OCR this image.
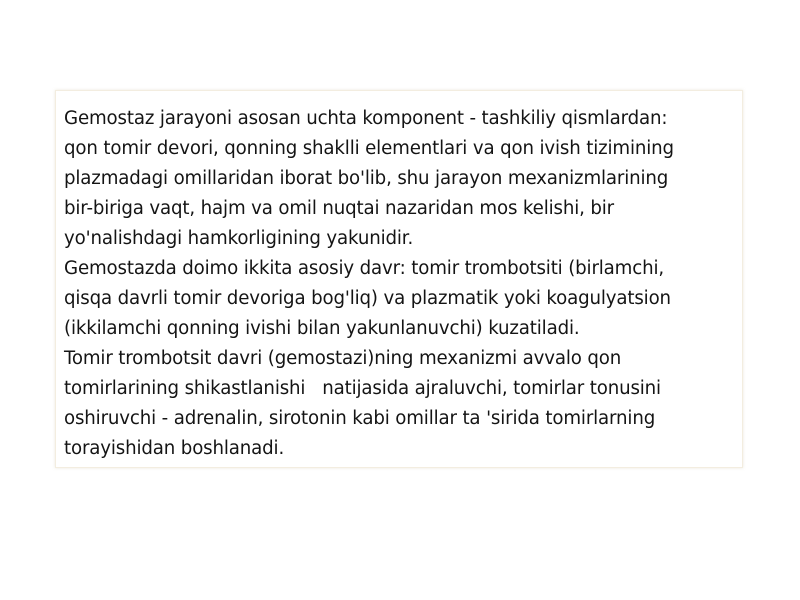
Gemostaz jarayoni asosan uchta komponent - tashkiliy qismlardan:
qon tomir devori, qonning shaklli elementlari va qon ivish tizimining
plazmadagi omillaridan iborat bo'lib, shu jarayon mexanizmlarining
bir-biriga vaqt, hajm va omil nuqtai nazaridan mos kelishi, bir
yo'nalishdagi hamkorligining yakunidir.

Gemostazda doimo ikkita asosiy davr: tomir trombotsiti (birlamchi,
qisqa davrli tomir devoriga bog'liq) va plazmatik yoki koagulyatsion
(ikkilamchi qonning ivishi bilan yakunlanuvchi) kuzatiladi.

Tomir trombotsit davri (gemostazi)ning mexanizmi avvalo qon
tomirlarining shikastlanishi   natijasida ajraluvchi, tomirlar tonusini
oshiruvchi - adrenalin, sirotonin kabi omillar ta 'sirida tomirlarning
torayishidan boshlanadi.
